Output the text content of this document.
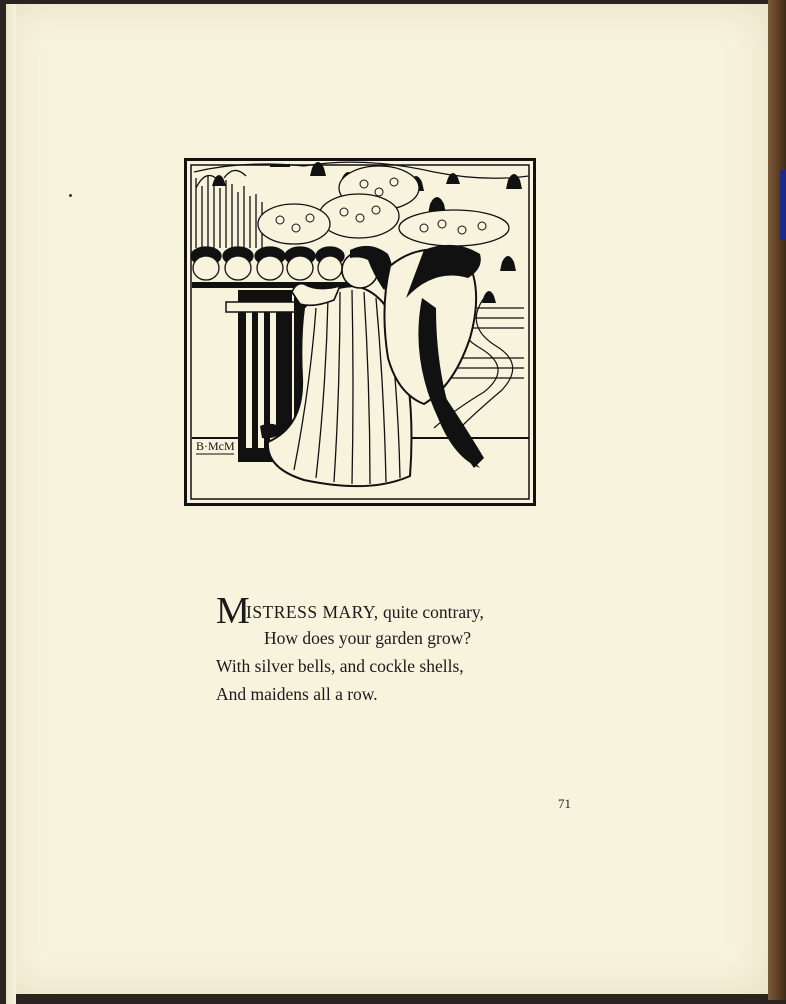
B·McM
M
ISTRESS MARY, quite contrary,
How does your garden grow?
With silver bells, and cockle shells,
And maidens all a row.
71
